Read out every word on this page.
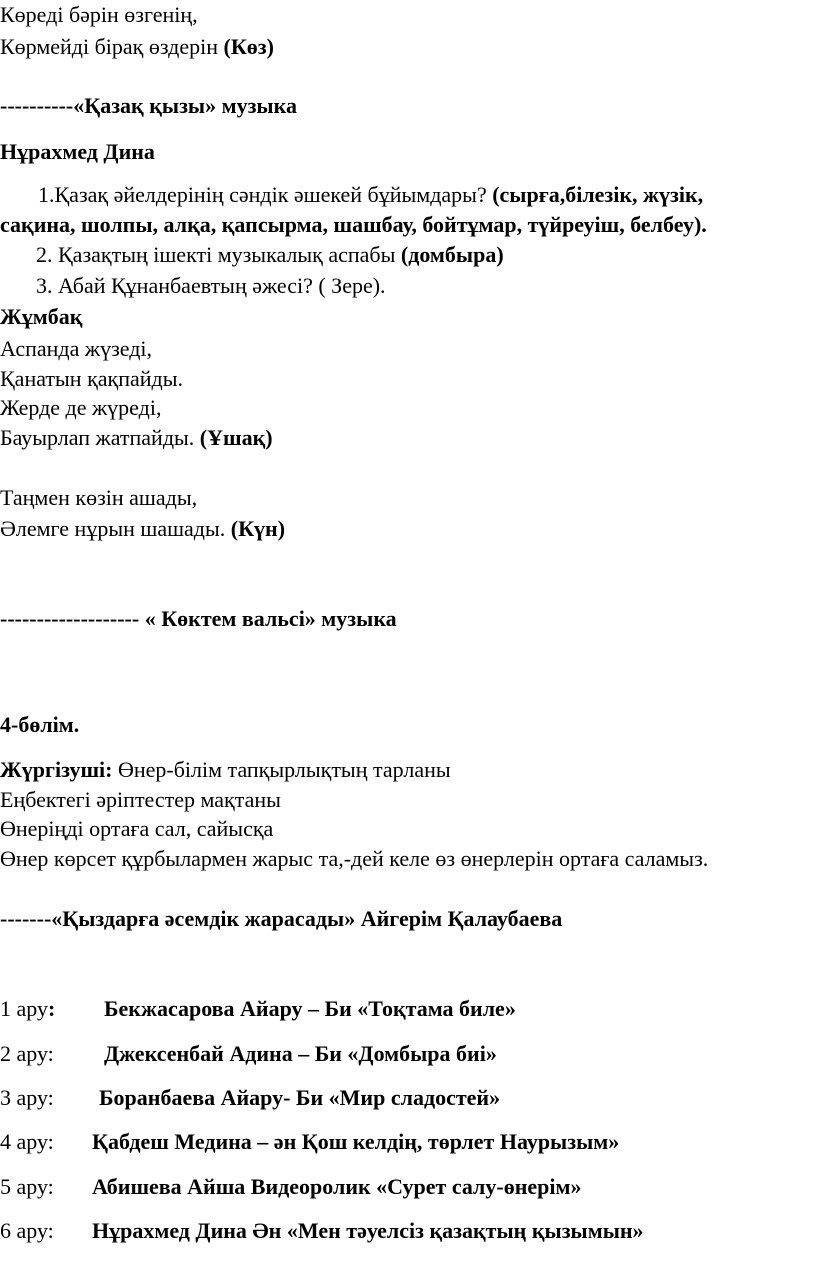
Көреді бәрін өзгенің,
Көрмейді бірақ өздерін (Көз)
----------«Қазақ қызы» музыка
Нұрахмед Дина
1.Қазақ әйелдерінің сәндік әшекей бұйымдары? (сырға,білезік, жүзік,
сақина, шолпы, алқа, қапсырма, шашбау, бойтұмар, түйреуіш, белбеу).
2. Қазақтың ішекті музыкалық аспабы (домбыра)
3. Абай Құнанбаевтың әжесі? ( Зере).
Жұмбақ
Аспанда жүзеді,
Қанатын қақпайды.
Жерде де жүреді,
Бауырлап жатпайды. (Ұшақ)
Таңмен көзін ашады,
Әлемге нұрын шашады. (Күн)
------------------- « Көктем вальсі» музыка
4-бөлім.
Жүргізуші: Өнер-білім тапқырлықтың тарланы
Еңбектегі әріптестер мақтаны
Өнеріңді ортаға сал, сайысқа
Өнер көрсет құрбылармен жарыс та,-дей келе өз өнерлерін ортаға саламыз.
-------«Қыздарға әсемдік жарасады» Айгерім Қалаубаева
1 ару: Бекжасарова Айару – Би «Тоқтама биле»
2 ару: Джексенбай Адина – Би «Домбыра биі»
3 ару: Боранбаева Айару- Би «Мир сладостей»
4 ару: Қабдеш Медина – ән Қош келдің, төрлет Наурызым»
5 ару: Абишева Айша Видеоролик «Сурет салу-өнерім»
6 ару: Нұрахмед Дина Ән «Мен тәуелсіз қазақтың қызымын»
